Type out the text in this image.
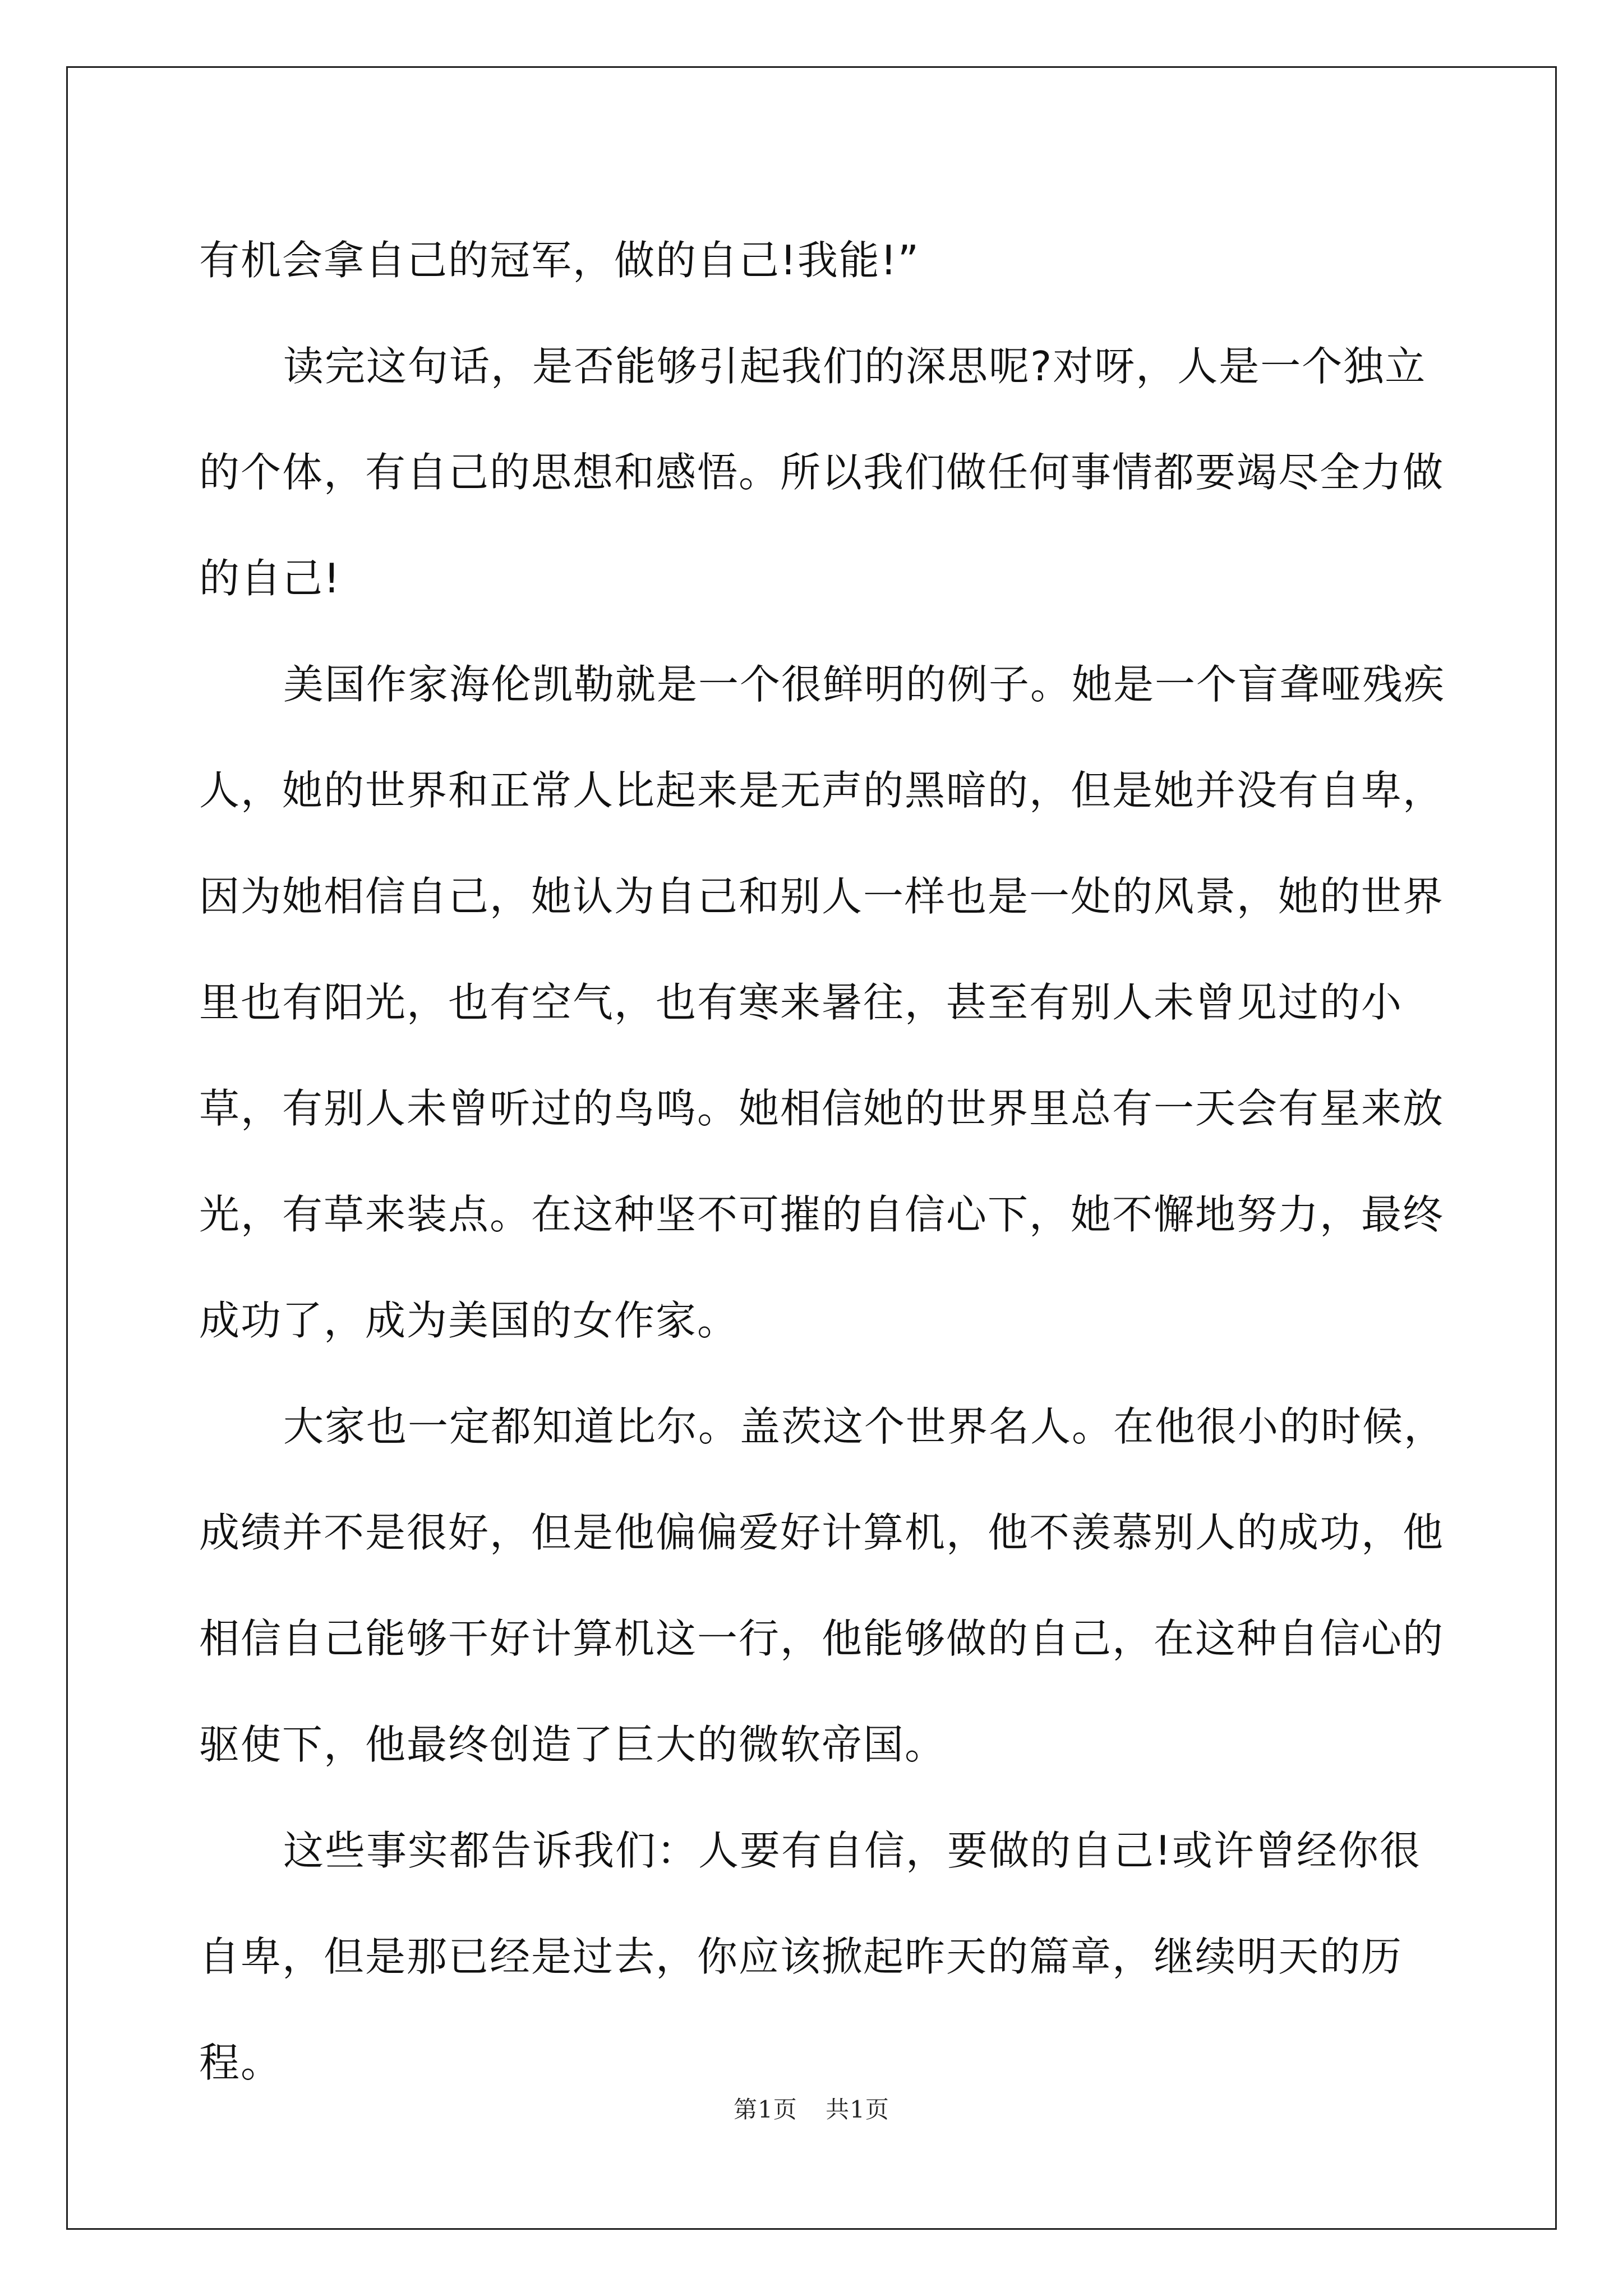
有机会拿自己的冠军，做的自己!我能!”

读完这句话，是否能够引起我们的深思呢?对呀，人是一个独立的个体，有自己的思想和感悟。所以我们做任何事情都要竭尽全力做的自己!

美国作家海伦凯勒就是一个很鲜明的例子。她是一个盲聋哑残疾人，她的世界和正常人比起来是无声的黑暗的，但是她并没有自卑，因为她相信自己，她认为自己和别人一样也是一处的风景，她的世界里也有阳光，也有空气，也有寒来暑往，甚至有别人未曾见过的小草，有别人未曾听过的鸟鸣。她相信她的世界里总有一天会有星来放光，有草来装点。在这种坚不可摧的自信心下，她不懈地努力，最终成功了，成为美国的女作家。

大家也一定都知道比尔。盖茨这个世界名人。在他很小的时候，成绩并不是很好，但是他偏偏爱好计算机，他不羡慕别人的成功，他相信自己能够干好计算机这一行，他能够做的自己，在这种自信心的驱使下，他最终创造了巨大的微软帝国。

这些事实都告诉我们：人要有自信，要做的自己!或许曾经你很自卑，但是那已经是过去，你应该掀起昨天的篇章，继续明天的历程。

第1页 共1页
